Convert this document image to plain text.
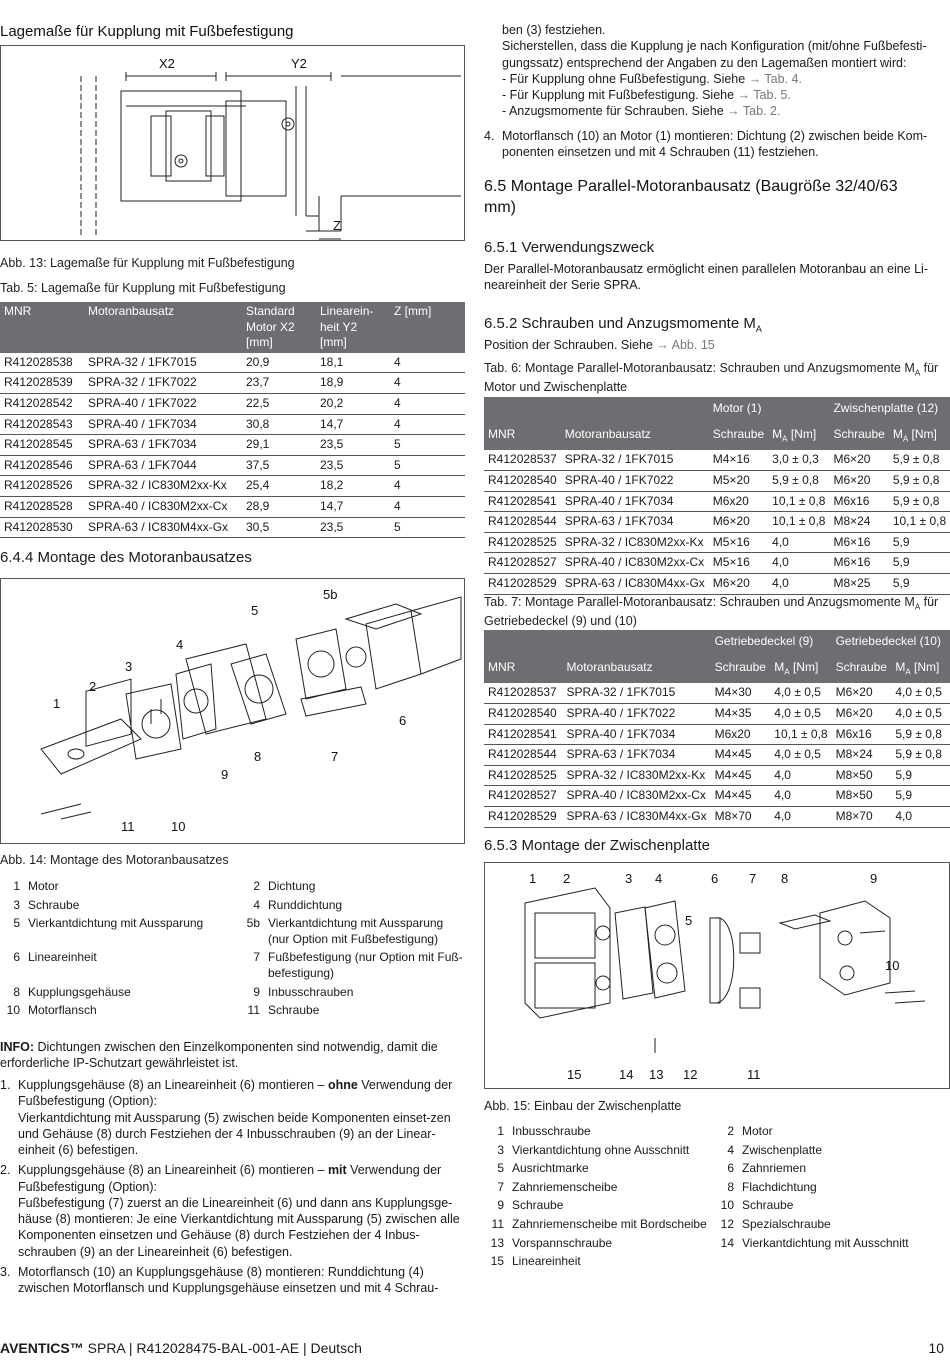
Lagemaße für Kupplung mit Fußbefestigung
X2	Y2
Z
Abb. 13: Lagemaße für Kupplung mit Fußbefestigung
Tab. 5: Lagemaße für Kupplung mit Fußbefestigung
MNR	Motoranbausatz	Standard Motor X2 [mm]	Linearein-heit Y2 [mm]	Z [mm]
R412028538	SPRA-32 / 1FK7015	20,9	18,1	4
R412028539	SPRA-32 / 1FK7022	23,7	18,9	4
R412028542	SPRA-40 / 1FK7022	22,5	20,2	4
R412028543	SPRA-40 / 1FK7034	30,8	14,7	4
R412028545	SPRA-63 / 1FK7034	29,1	23,5	5
R412028546	SPRA-63 / 1FK7044	37,5	23,5	5
R412028526	SPRA-32 / IC830M2xx-Kx	25,4	18,2	4
R412028528	SPRA-40 / IC830M2xx-Cx	28,9	14,7	4
R412028530	SPRA-63 / IC830M4xx-Gx	30,5	23,5	5
6.4.4 Montage des Motoranbausatzes
1
2
3
4
5
5b
6
7
8
9
10
11
Abb. 14: Montage des Motoranbausatzes
1 Motor	2 Dichtung
3 Schraube	4 Runddichtung
5 Vierkantdichtung mit Aussparung	5b Vierkantdichtung mit Aussparung (nur Option mit Fußbefestigung)
6 Lineareinheit	7 Fußbefestigung (nur Option mit Fuß-befestigung)
8 Kupplungsgehäuse	9 Inbusschrauben
10 Motorflansch	11 Schraube
INFO: Dichtungen zwischen den Einzelkomponenten sind notwendig, damit die erforderliche IP-Schutzart gewährleistet ist.
1. Kupplungsgehäuse (8) an Lineareinheit (6) montieren – ohne Verwendung der Fußbefestigung (Option):
Vierkantdichtung mit Aussparung (5) zwischen beide Komponenten einset-zen und Gehäuse (8) durch Festziehen der 4 Inbusschrauben (9) an der Linear-einheit (6) befestigen.
2. Kupplungsgehäuse (8) an Lineareinheit (6) montieren – mit Verwendung der Fußbefestigung (Option):
Fußbefestigung (7) zuerst an die Lineareinheit (6) und dann ans Kupplungsge-häuse (8) montieren: Je eine Vierkantdichtung mit Aussparung (5) zwischen alle Komponenten einsetzen und Gehäuse (8) durch Festziehen der 4 Inbus-schrauben (9) an der Lineareinheit (6) befestigen.
3. Motorflansch (10) an Kupplungsgehäuse (8) montieren: Runddichtung (4) zwischen Motorflansch und Kupplungsgehäuse einsetzen und mit 4 Schrau-
ben (3) festziehen.
Sicherstellen, dass die Kupplung je nach Konfiguration (mit/ohne Fußbefesti-gungssatz) entsprechend der Angaben zu den Lagemaßen montiert wird:
- Für Kupplung ohne Fußbefestigung. Siehe → Tab. 4.
- Für Kupplung mit Fußbefestigung. Siehe → Tab. 5.
- Anzugsmomente für Schrauben. Siehe → Tab. 2.
4. Motorflansch (10) an Motor (1) montieren: Dichtung (2) zwischen beide Kom-ponenten einsetzen und mit 4 Schrauben (11) festziehen.
6.5 Montage Parallel-Motoranbausatz (Baugröße 32/40/63 mm)
6.5.1 Verwendungszweck
Der Parallel-Motoranbausatz ermöglicht einen parallelen Motoranbau an eine Li-neareinheit der Serie SPRA.
6.5.2 Schrauben und Anzugsmomente $M_A$
Position der Schrauben. Siehe → Abb. 15
Tab. 6: Montage Parallel-Motoranbausatz: Schrauben und Anzugsmomente $M_A$ für Motor und Zwischenplatte
		Motor (1)		Zwischenplatte (12)	
MNR	Motoranbausatz	Schraube	$M_A$ [Nm]	Schraube	$M_A$ [Nm]
R412028537	SPRA-32 / 1FK7015	M4×16	3,0 ± 0,3	M6×20	5,9 ± 0,8
R412028540	SPRA-40 / 1FK7022	M5×20	5,9 ± 0,8	M6×20	5,9 ± 0,8
R412028541	SPRA-40 / 1FK7034	M6x20	10,1 ± 0,8	M6x16	5,9 ± 0,8
R412028544	SPRA-63 / 1FK7034	M6×20	10,1 ± 0,8	M8×24	10,1 ± 0,8
R412028525	SPRA-32 / IC830M2xx-Kx	M5×16	4,0	M6×16	5,9
R412028527	SPRA-40 / IC830M2xx-Cx	M5×16	4,0	M6×16	5,9
R412028529	SPRA-63 / IC830M4xx-Gx	M6×20	4,0	M8×25	5,9
Tab. 7: Montage Parallel-Motoranbausatz: Schrauben und Anzugsmomente $M_A$ für Getriebedeckel (9) und (10)
		Getriebedeckel (9)		Getriebedeckel (10)	
MNR	Motoranbausatz	Schraube	$M_A$ [Nm]	Schraube	$M_A$ [Nm]
R412028537	SPRA-32 / 1FK7015	M4×30	4,0 ± 0,5	M6×20	4,0 ± 0,5
R412028540	SPRA-40 / 1FK7022	M4×35	4,0 ± 0,5	M6×20	4,0 ± 0,5
R412028541	SPRA-40 / 1FK7034	M6x20	10,1 ± 0,8	M6x16	5,9 ± 0,8
R412028544	SPRA-63 / 1FK7034	M4×45	4,0 ± 0,5	M8×24	5,9 ± 0,8
R412028525	SPRA-32 / IC830M2xx-Kx	M4×45	4,0	M8×50	5,9
R412028527	SPRA-40 / IC830M2xx-Cx	M4×45	4,0	M8×50	5,9
R412028529	SPRA-63 / IC830M4xx-Gx	M8×70	4,0	M8×70	4,0
6.5.3 Montage der Zwischenplatte
1 2	3 4
5
6 7 8	9
10
15	14 13 12	11
Abb. 15: Einbau der Zwischenplatte
1 Inbusschraube	2 Motor
3 Vierkantdichtung ohne Ausschnitt	4 Zwischenplatte
5 Ausrichtmarke	6 Zahnriemen
7 Zahnriemenscheibe	8 Flachdichtung
9 Schraube	10 Schraube
11 Zahnriemenscheibe mit Bordscheibe	12 Spezialschraube
13 Vorspannschraube	14 Vierkantdichtung mit Ausschnitt
15 Lineareinheit
AVENTICS™ SPRA | R412028475-BAL-001-AE | Deutsch	10
